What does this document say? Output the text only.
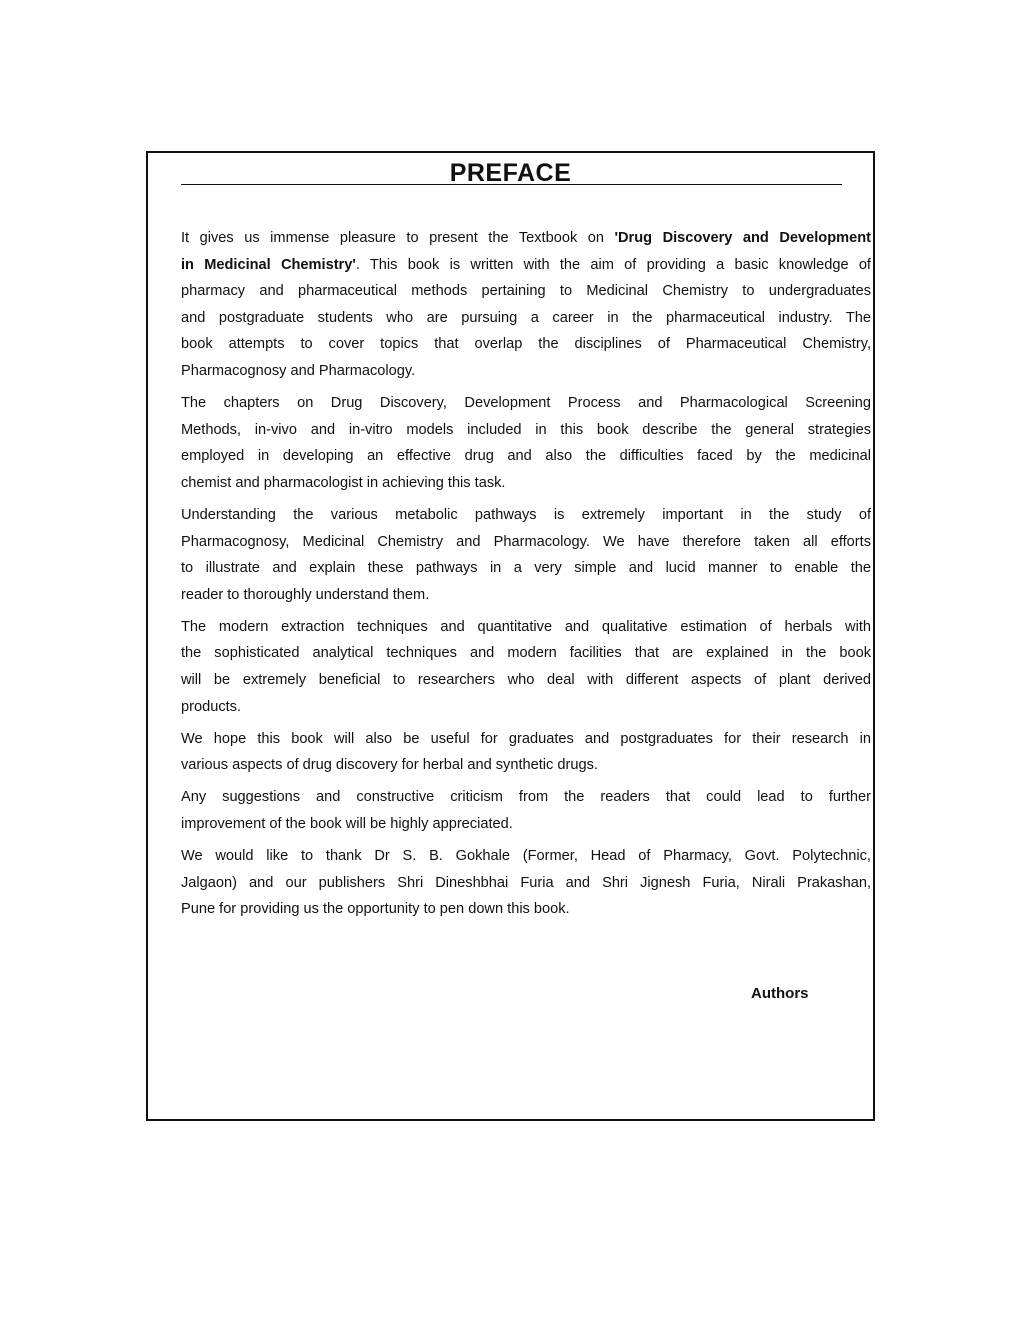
PREFACE
It gives us immense pleasure to present the Textbook on 'Drug Discovery and Development
in Medicinal Chemistry'. This book is written with the aim of providing a basic knowledge of
pharmacy and pharmaceutical methods pertaining to Medicinal Chemistry to undergraduates
and postgraduate students who are pursuing a career in the pharmaceutical industry. The
book attempts to cover topics that overlap the disciplines of Pharmaceutical Chemistry,
Pharmacognosy and Pharmacology.
The chapters on Drug Discovery, Development Process and Pharmacological Screening
Methods, in-vivo and in-vitro models included in this book describe the general strategies
employed in developing an effective drug and also the difficulties faced by the medicinal
chemist and pharmacologist in achieving this task.
Understanding the various metabolic pathways is extremely important in the study of
Pharmacognosy, Medicinal Chemistry and Pharmacology. We have therefore taken all efforts
to illustrate and explain these pathways in a very simple and lucid manner to enable the
reader to thoroughly understand them.
The modern extraction techniques and quantitative and qualitative estimation of herbals with
the sophisticated analytical techniques and modern facilities that are explained in the book
will be extremely beneficial to researchers who deal with different aspects of plant derived
products.
We hope this book will also be useful for graduates and postgraduates for their research in
various aspects of drug discovery for herbal and synthetic drugs.
Any suggestions and constructive criticism from the readers that could lead to further
improvement of the book will be highly appreciated.
We would like to thank Dr S. B. Gokhale (Former, Head of Pharmacy, Govt. Polytechnic,
Jalgaon) and our publishers Shri Dineshbhai Furia and Shri Jignesh Furia, Nirali Prakashan,
Pune for providing us the opportunity to pen down this book.
Authors
